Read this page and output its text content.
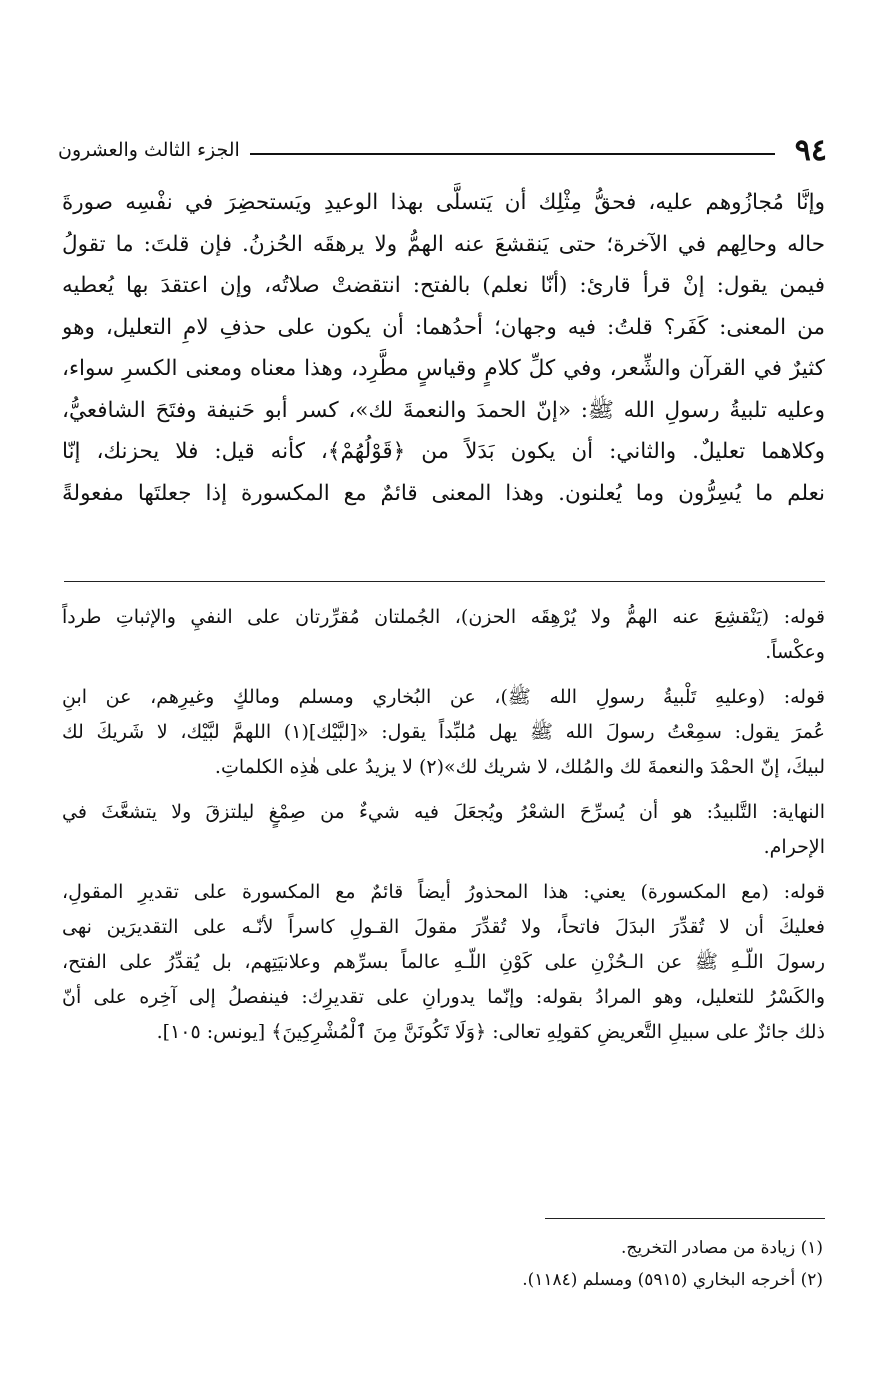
٩٤
الجزء الثالث والعشرون
وإنَّا مُجازُوهم عليه، فحقُّ مِثْلِك أن يَتسلَّى بهذا الوعيدِ ويَستحضِرَ في نفْسِه صورةَ
حاله وحالِهم في الآخرة؛ حتى يَنقشعَ عنه الهمُّ ولا يرهقَه الحُزنُ. فإن قلتَ: ما تقولُ
فيمن يقول: إنْ قرأ قارئ: (أنّا نعلم) بالفتح: انتقضتْ صلاتُه، وإن اعتقدَ بها يُعطيه
من المعنى: كَفَر؟ قلتُ: فيه وجهان؛ أحدُهما: أن يكون على حذفِ لامِ التعليل، وهو
كثيرٌ في القرآن والشِّعر، وفي كلِّ كلامٍ وقياسٍ مطَّرِد، وهذا معناه ومعنى الكسرِ سواء،
وعليه تلبيةُ رسولِ الله ﷺ: «إنّ الحمدَ والنعمةَ لك»، كسر أبو حَنيفة وفتَحَ الشافعيُّ،
وكلاهما تعليلٌ. والثاني: أن يكون بَدَلاً من ﴿قَوْلُهُمْ﴾، كأنه قيل: فلا يحزنك، إنّا
نعلم ما يُسِرُّون وما يُعلنون. وهذا المعنى قائمٌ مع المكسورة إذا جعلتَها مفعولةً
قوله: (يَنْقشِعَ عنه الهمُّ ولا يُرْهِقَه الحزن)، الجُملتان مُقرِّرتان على النفيِ والإثباتِ طرداً
وعكْساً.
قوله: (وعليهِ تَلْبيةُ رسولِ الله ﷺ)، عن البُخاري ومسلم ومالكٍ وغيرِهم، عن ابنِ
عُمرَ يقول: سمِعْتُ رسولَ الله ﷺ يهل مُلبِّداً يقول: «[لبَّيْك](١) اللهمَّ لبَّيْك، لا شَريكَ لك
لبيكَ، إنّ الحمْدَ والنعمةَ لك والمُلك، لا شريك لك»(٢) لا يزيدُ على هٰذِه الكلماتِ.
النهاية: التَّلبيدُ: هو أن يُسرِّحَ الشعْرُ ويُجعَلَ فيه شيءٌ من صِمْغٍ ليلتزقَ ولا يتشعَّثَ في
الإحرام.
قوله: (مع المكسورة) يعني: هذا المحذورُ أيضاً قائمٌ مع المكسورة على تقديرِ المقولِ،
فعليكَ أن لا تُقدِّرَ البدَلَ فاتحاً، ولا تُقدِّرَ مقولَ القـولِ كاسراً لأنّـه على التقديرَين نهى
رسولَ اللّـهِ ﷺ عن الـحُزْنِ على كَوْنِ اللّـهِ عالماً بسرِّهم وعلانيَتِهم، بل يُقدِّرُ على الفتح،
والكَسْرُ للتعليل، وهو المرادُ بقوله: وإنّما يدورانِ على تقديرِك: فينفصلُ إلى آخِره على أنّ
ذلك جائزٌ على سبيلِ التَّعريضِ كقولِهِ تعالى: ﴿وَلَا تَكُونَنَّ مِنَ ٱلْمُشْرِكِينَ﴾ [يونس: ١٠٥].
(١) زيادة من مصادر التخريج.
(٢) أخرجه البخاري (٥٩١٥) ومسلم (١١٨٤).
